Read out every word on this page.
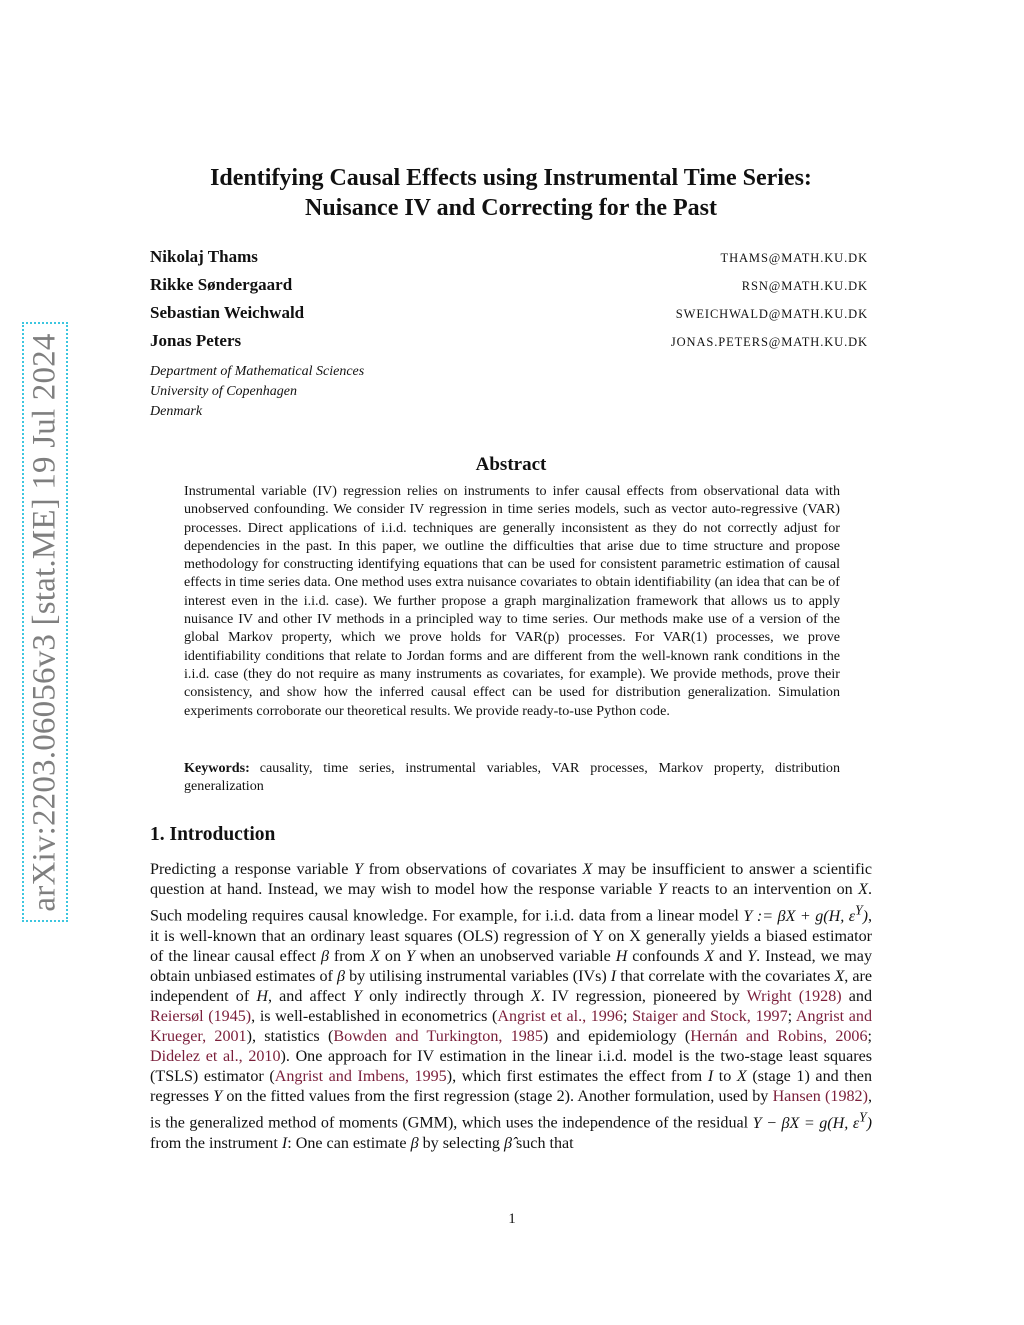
arXiv:2203.06056v3 [stat.ME] 19 Jul 2024
Identifying Causal Effects using Instrumental Time Series:
Nuisance IV and Correcting for the Past
Nikolaj Thams	THAMS@MATH.KU.DK
Rikke Søndergaard	RSN@MATH.KU.DK
Sebastian Weichwald	SWEICHWALD@MATH.KU.DK
Jonas Peters	JONAS.PETERS@MATH.KU.DK
Department of Mathematical Sciences
University of Copenhagen
Denmark
Abstract
Instrumental variable (IV) regression relies on instruments to infer causal effects from observational data with unobserved confounding. We consider IV regression in time series models, such as vector auto-regressive (VAR) processes. Direct applications of i.i.d. techniques are generally inconsistent as they do not correctly adjust for dependencies in the past. In this paper, we outline the difficulties that arise due to time structure and propose methodology for constructing identifying equations that can be used for consistent parametric estimation of causal effects in time series data. One method uses extra nuisance covariates to obtain identifiability (an idea that can be of interest even in the i.i.d. case). We further propose a graph marginalization framework that allows us to apply nuisance IV and other IV methods in a principled way to time series. Our methods make use of a version of the global Markov property, which we prove holds for VAR(p) processes. For VAR(1) processes, we prove identifiability conditions that relate to Jordan forms and are different from the well-known rank conditions in the i.i.d. case (they do not require as many instruments as covariates, for example). We provide methods, prove their consistency, and show how the inferred causal effect can be used for distribution generalization. Simulation experiments corroborate our theoretical results. We provide ready-to-use Python code.
Keywords: causality, time series, instrumental variables, VAR processes, Markov property, distribution generalization
1. Introduction
Predicting a response variable Y from observations of covariates X may be insufficient to answer a scientific question at hand. Instead, we may wish to model how the response variable Y reacts to an intervention on X. Such modeling requires causal knowledge. For example, for i.i.d. data from a linear model Y := βX + g(H, $\varepsilon^Y$), it is well-known that an ordinary least squares (OLS) regression of Y on X generally yields a biased estimator of the linear causal effect β from X on Y when an unobserved variable H confounds X and Y. Instead, we may obtain unbiased estimates of β by utilising instrumental variables (IVs) I that correlate with the covariates X, are independent of H, and affect Y only indirectly through X. IV regression, pioneered by Wright (1928) and Reiersøl (1945), is well-established in econometrics (Angrist et al., 1996; Staiger and Stock, 1997; Angrist and Krueger, 2001), statistics (Bowden and Turkington, 1985) and epidemiology (Hernán and Robins, 2006; Didelez et al., 2010). One approach for IV estimation in the linear i.i.d. model is the two-stage least squares (TSLS) estimator (Angrist and Imbens, 1995), which first estimates the effect from I to X (stage 1) and then regresses Y on the fitted values from the first regression (stage 2). Another formulation, used by Hansen (1982), is the generalized method of moments (GMM), which uses the independence of the residual Y − βX = g(H, $\varepsilon^Y$) from the instrument I: One can estimate β by selecting β̂ such that
1
